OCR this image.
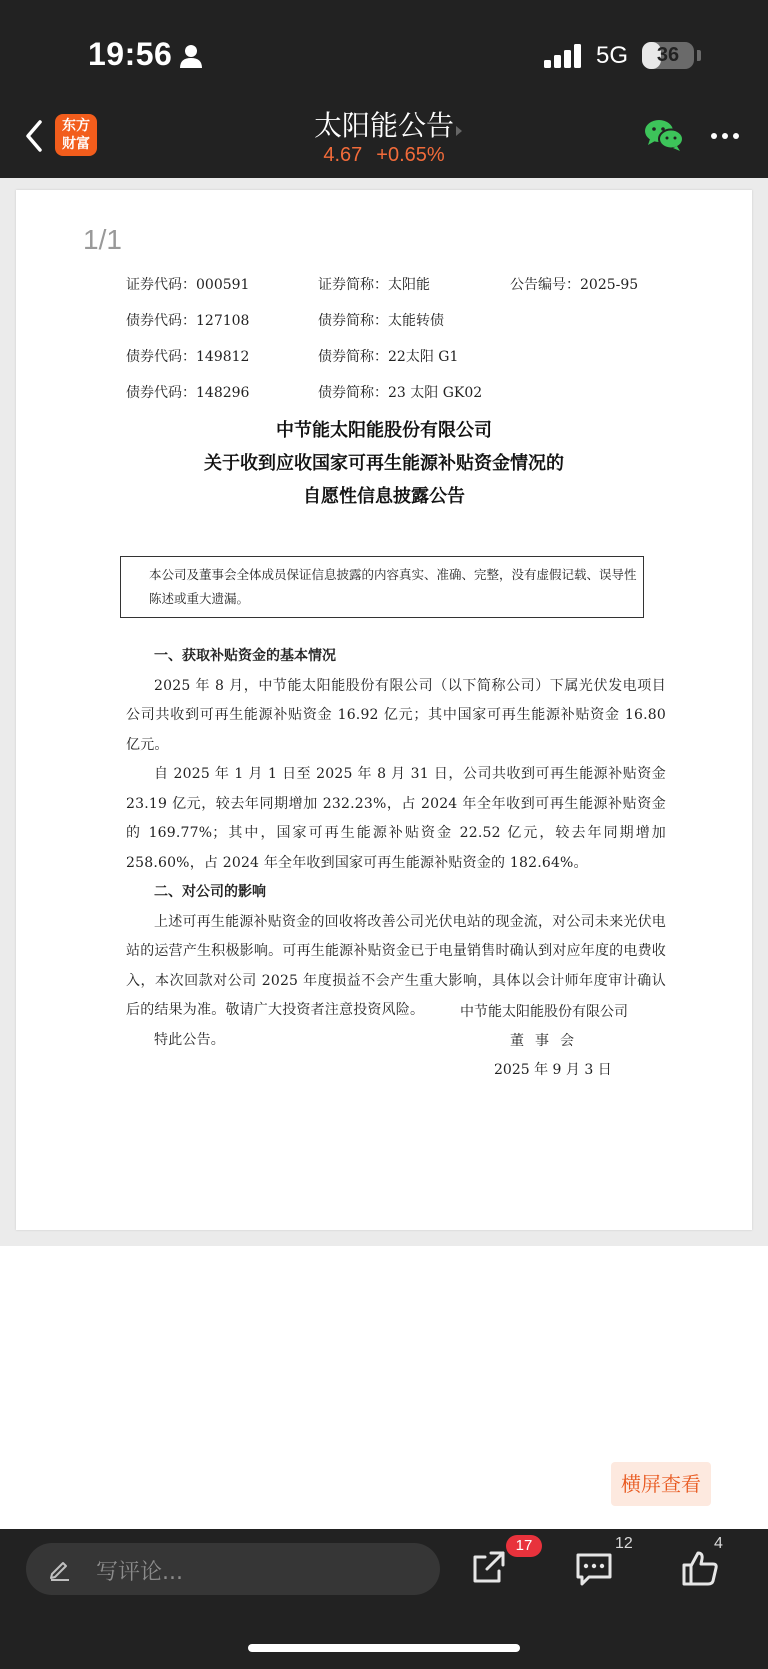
19:56	5G	36
东方
财富
太阳能公告
4.67 +0.65%
1/1
证券代码：000591	证券简称：太阳能	公告编号：2025-95
债券代码：127108	债券简称：太能转债
债券代码：149812	债券简称：22太阳 G1
债券代码：148296	债券简称：23 太阳 GK02
中节能太阳能股份有限公司
关于收到应收国家可再生能源补贴资金情况的
自愿性信息披露公告
本公司及董事会全体成员保证信息披露的内容真实、准确、完整，没有虚假记载、误导性陈述或重大遗漏。
一、获取补贴资金的基本情况

2025 年 8 月，中节能太阳能股份有限公司（以下简称公司）下属光伏发电项目公司共收到可再生能源补贴资金 16.92 亿元；其中国家可再生能源补贴资金 16.80 亿元。

自 2025 年 1 月 1 日至 2025 年 8 月 31 日，公司共收到可再生能源补贴资金 23.19 亿元，较去年同期增加 232.23%，占 2024 年全年收到可再生能源补贴资金的 169.77%；其中，国家可再生能源补贴资金 22.52 亿元，较去年同期增加 258.60%，占 2024 年全年收到国家可再生能源补贴资金的 182.64%。

二、对公司的影响

上述可再生能源补贴资金的回收将改善公司光伏电站的现金流，对公司未来光伏电站的运营产生积极影响。可再生能源补贴资金已于电量销售时确认到对应年度的电费收入，本次回款对公司 2025 年度损益不会产生重大影响，具体以会计师年度审计确认后的结果为准。敬请广大投资者注意投资风险。

特此公告。

中节能太阳能股份有限公司
董事会
2025 年 9 月 3 日
横屏查看
写评论...
17	12	4
